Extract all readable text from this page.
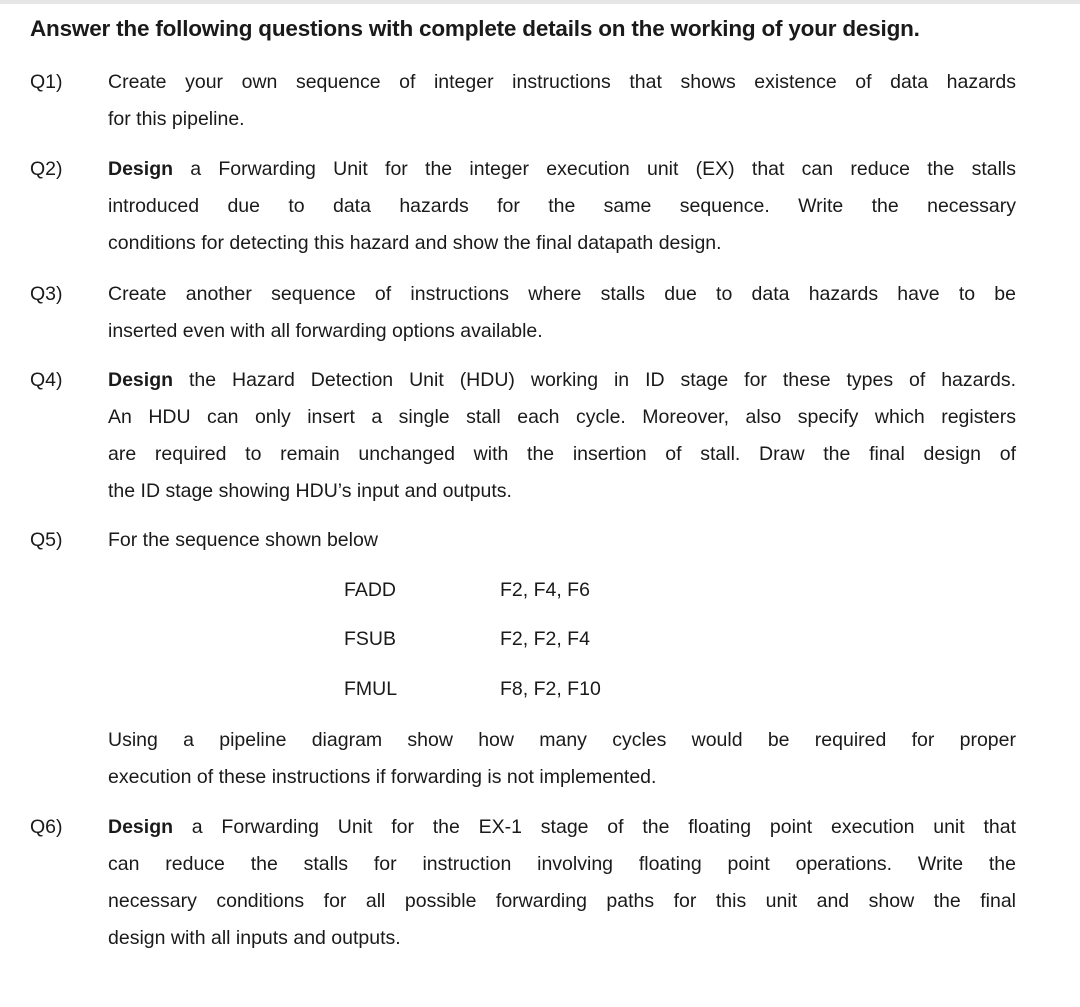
Answer the following questions with complete details on the working of your design.
Q1) Create your own sequence of integer instructions that shows existence of data hazards
for this pipeline.
Q2) Design a Forwarding Unit for the integer execution unit (EX) that can reduce the stalls
introduced due to data hazards for the same sequence. Write the necessary
conditions for detecting this hazard and show the final datapath design.
Q3) Create another sequence of instructions where stalls due to data hazards have to be
inserted even with all forwarding options available.
Q4) Design the Hazard Detection Unit (HDU) working in ID stage for these types of hazards.
An HDU can only insert a single stall each cycle. Moreover, also specify which registers
are required to remain unchanged with the insertion of stall. Draw the final design of
the ID stage showing HDU’s input and outputs.
Q5) For the sequence shown below
FADD	F2, F4, F6
FSUB	F2, F2, F4
FMUL	F8, F2, F10
Using a pipeline diagram show how many cycles would be required for proper
execution of these instructions if forwarding is not implemented.
Q6) Design a Forwarding Unit for the EX-1 stage of the floating point execution unit that
can reduce the stalls for instruction involving floating point operations. Write the
necessary conditions for all possible forwarding paths for this unit and show the final
design with all inputs and outputs.
